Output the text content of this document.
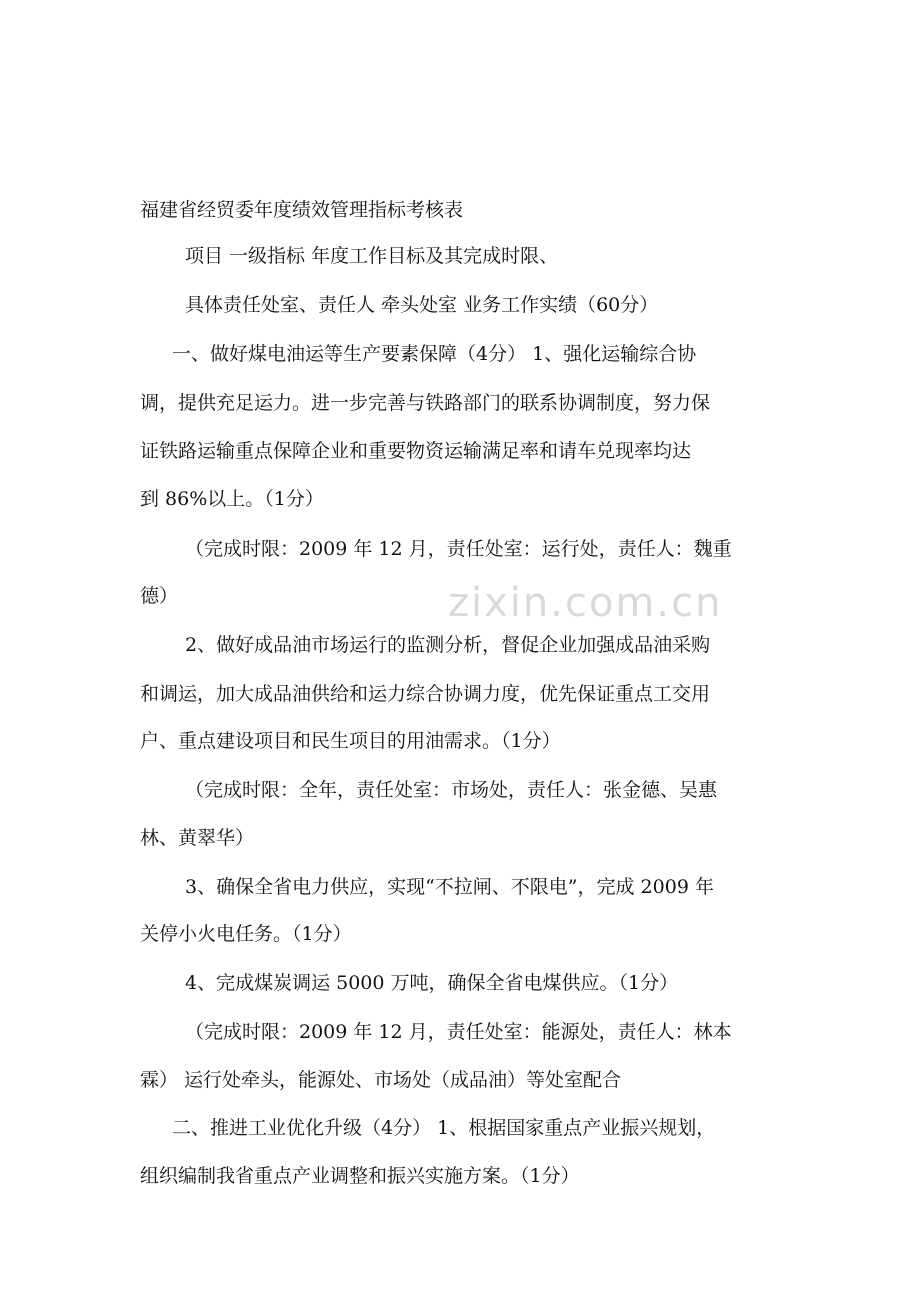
zixin.com.cn
福建省经贸委年度绩效管理指标考核表
项目 一级指标 年度工作目标及其完成时限、
具体责任处室、责任人 牵头处室 业务工作实绩（60分）
一、做好煤电油运等生产要素保障（4分） 1、强化运输综合协
调，提供充足运力。进一步完善与铁路部门的联系协调制度，努力保
证铁路运输重点保障企业和重要物资运输满足率和请车兑现率均达
到 86%以上。（1分）
（完成时限：2009 年 12 月，责任处室：运行处，责任人：魏重
德）
2、做好成品油市场运行的监测分析，督促企业加强成品油采购
和调运，加大成品油供给和运力综合协调力度，优先保证重点工交用
户、重点建设项目和民生项目的用油需求。（1分）
（完成时限：全年，责任处室：市场处，责任人：张金德、吴惠
林、黄翠华）
3、确保全省电力供应，实现“不拉闸、不限电”，完成 2009 年
关停小火电任务。（1分）
4、完成煤炭调运 5000 万吨，确保全省电煤供应。（1分）
（完成时限：2009 年 12 月，责任处室：能源处，责任人：林本
霖） 运行处牵头，能源处、市场处（成品油）等处室配合
二、推进工业优化升级（4分） 1、根据国家重点产业振兴规划，
组织编制我省重点产业调整和振兴实施方案。（1分）
